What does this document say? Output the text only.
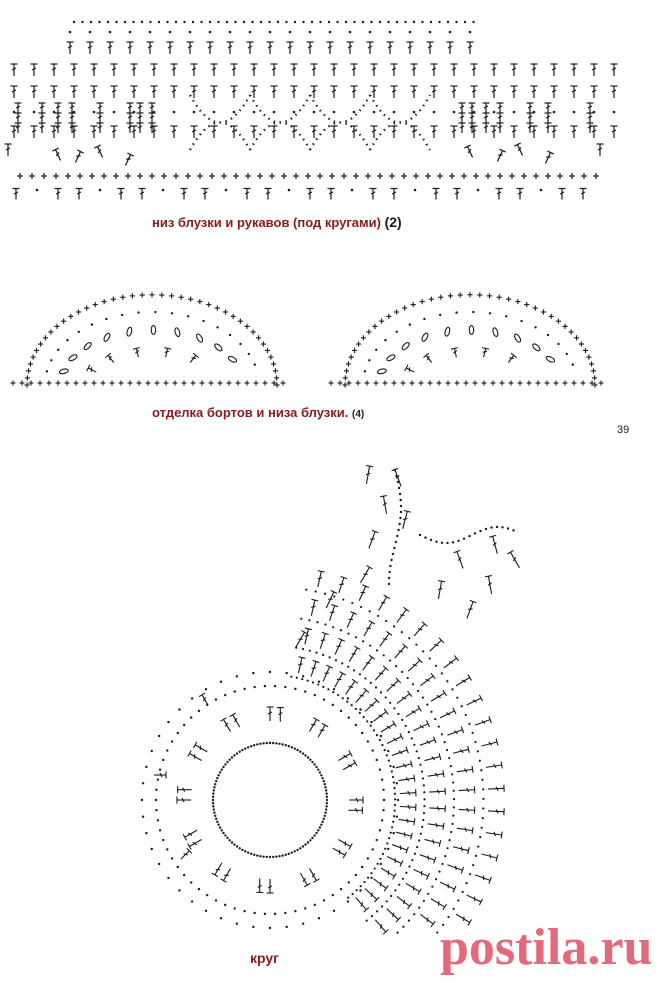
низ блузки и рукавов (под кругами) (2)
отделка бортов и низа блузки. (4)
39
круг	postila.ru
